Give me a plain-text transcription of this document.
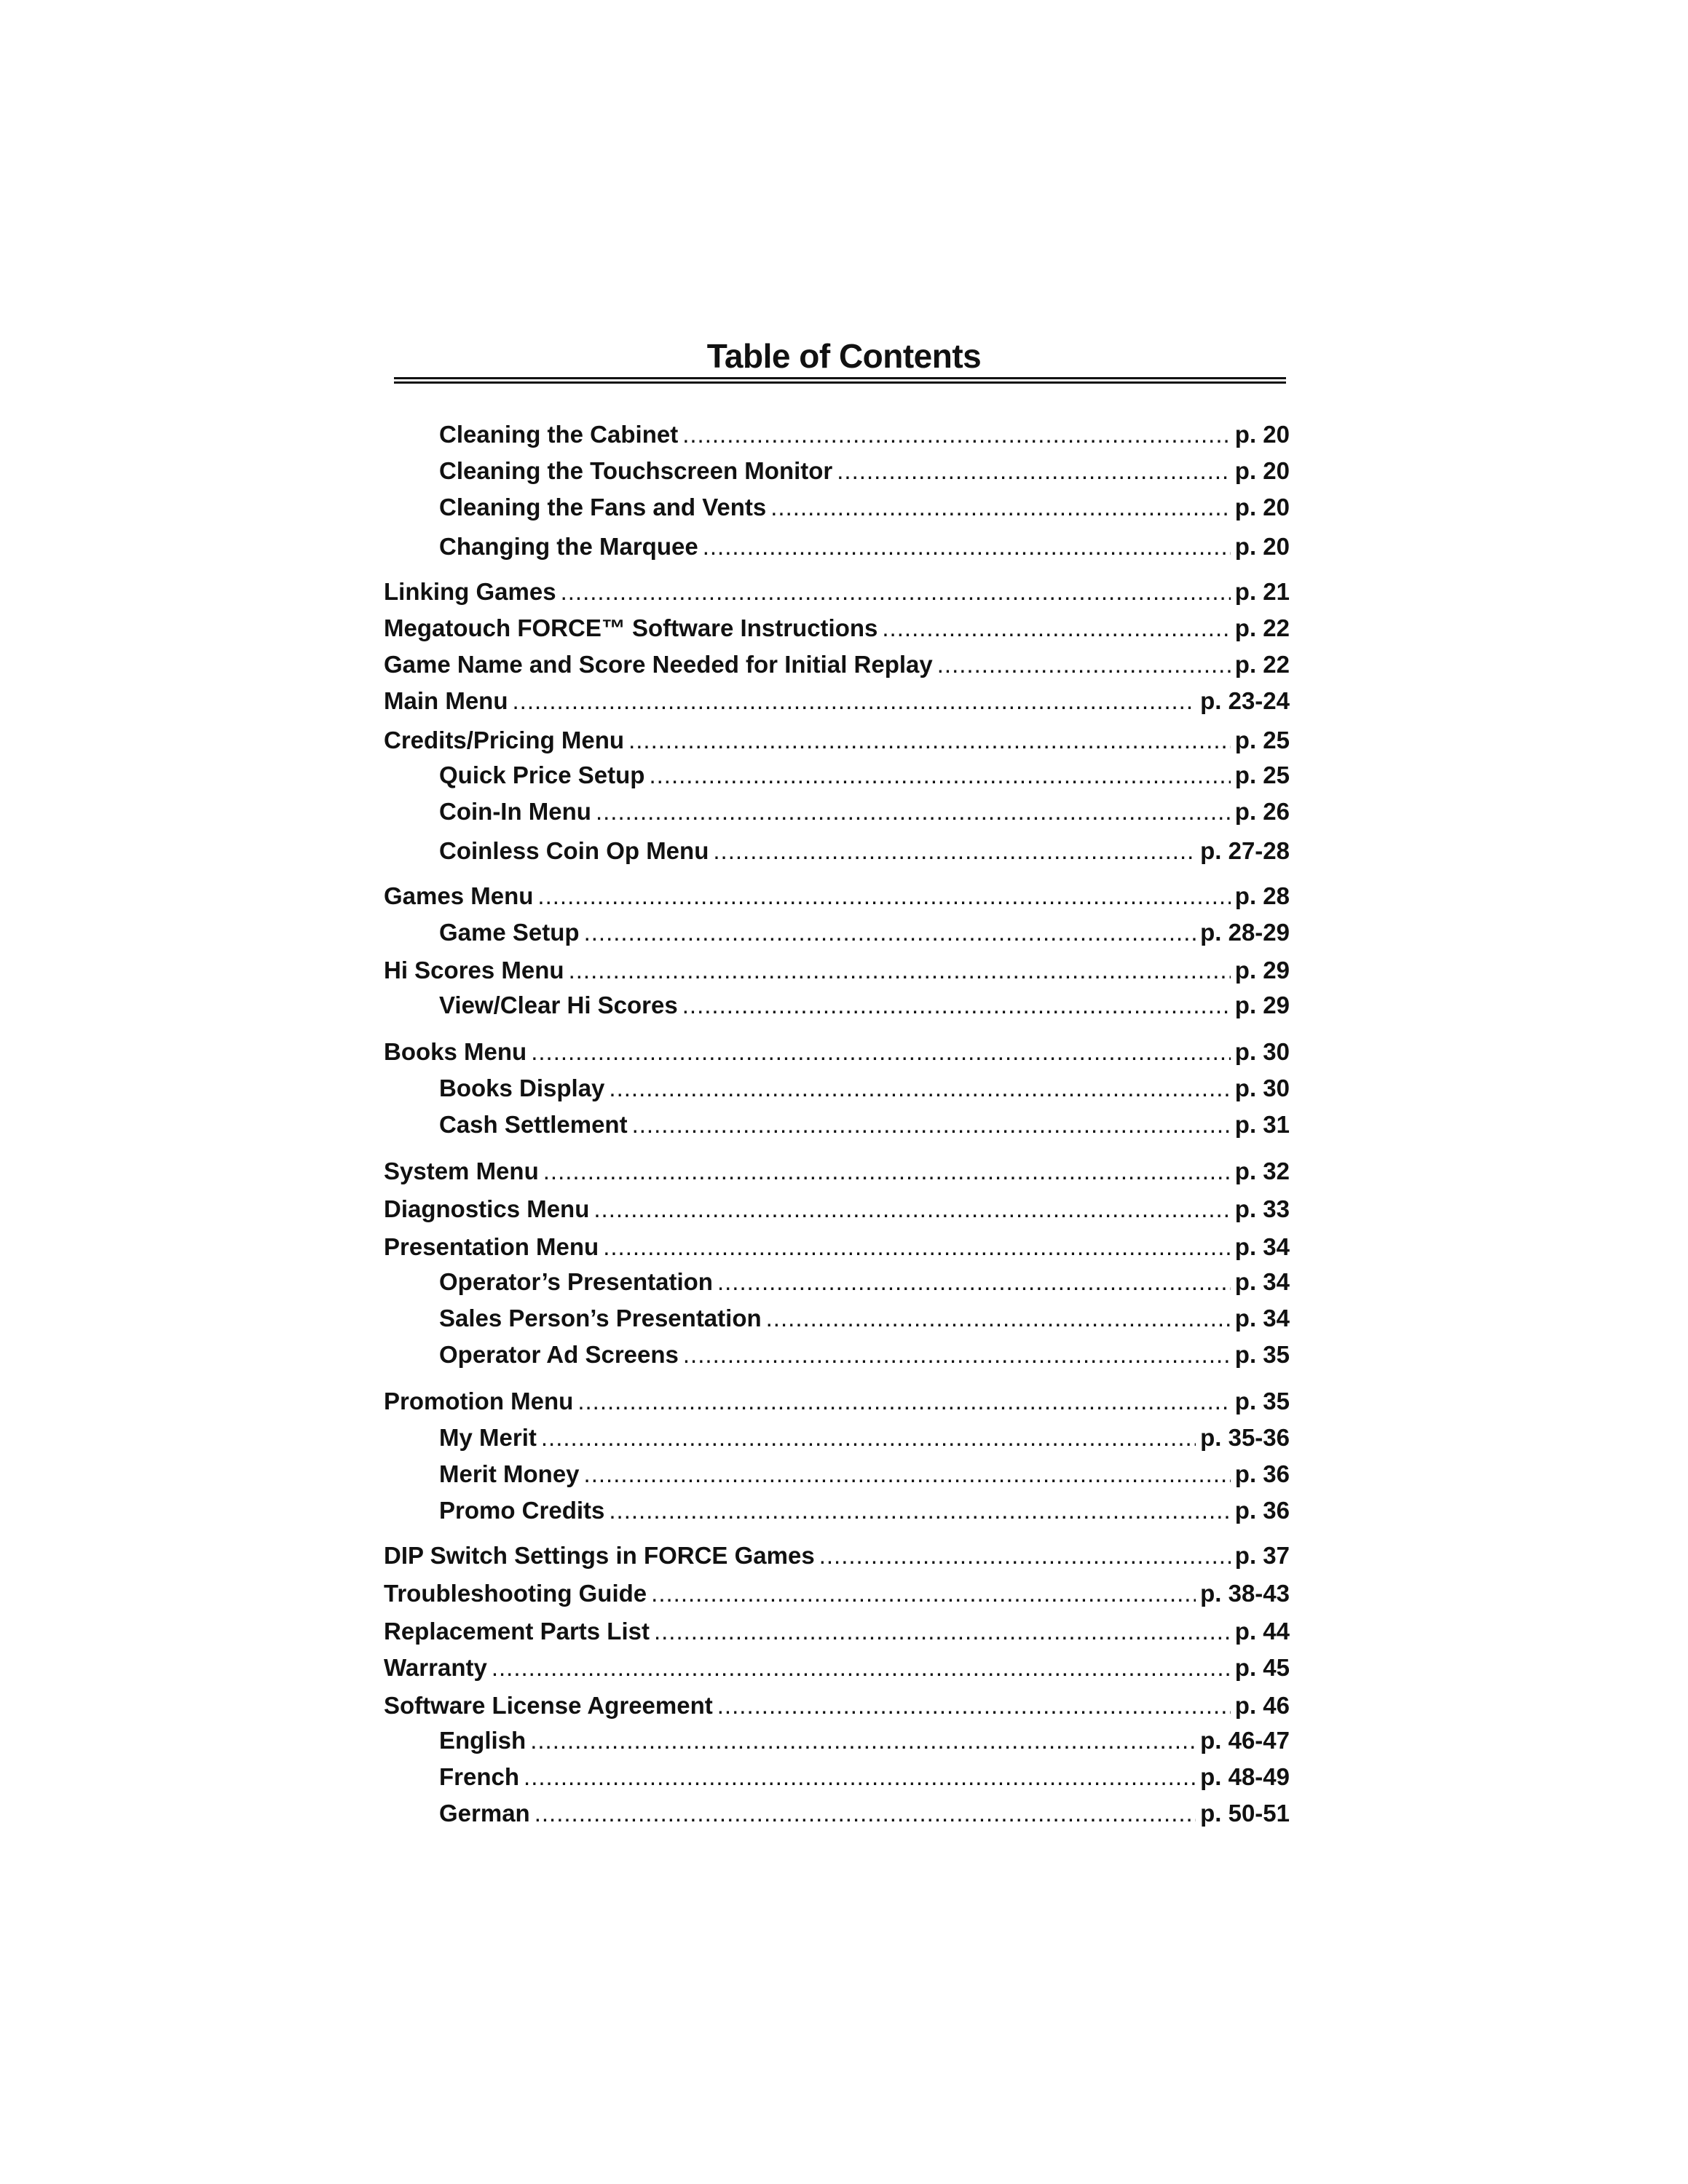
Table of Contents
Cleaning the Cabinet .....	p. 20
Cleaning the Touchscreen Monitor .....	p. 20
Cleaning the Fans and Vents .....	p. 20
Changing the Marquee .....	p. 20
Linking Games .....	p. 21
Megatouch FORCE™ Software Instructions .....	p. 22
Game Name and Score Needed for Initial Replay .....	p. 22
Main Menu .....	p. 23-24
Credits/Pricing Menu .....	p. 25
Quick Price Setup .....	p. 25
Coin-In Menu .....	p. 26
Coinless Coin Op Menu .....	p. 27-28
Games Menu .....	p. 28
Game Setup .....	p. 28-29
Hi Scores Menu .....	p. 29
View/Clear Hi Scores .....	p. 29
Books Menu .....	p. 30
Books Display .....	p. 30
Cash Settlement .....	p. 31
System Menu .....	p. 32
Diagnostics Menu .....	p. 33
Presentation Menu .....	p. 34
Operator’s Presentation .....	p. 34
Sales Person’s Presentation .....	p. 34
Operator Ad Screens .....	p. 35
Promotion Menu .....	p. 35
My Merit .....	p. 35-36
Merit Money .....	p. 36
Promo Credits .....	p. 36
DIP Switch Settings in FORCE Games .....	p. 37
Troubleshooting Guide .....	p. 38-43
Replacement Parts List .....	p. 44
Warranty .....	p. 45
Software License Agreement .....	p. 46
English .....	p. 46-47
French .....	p. 48-49
German .....	p. 50-51
